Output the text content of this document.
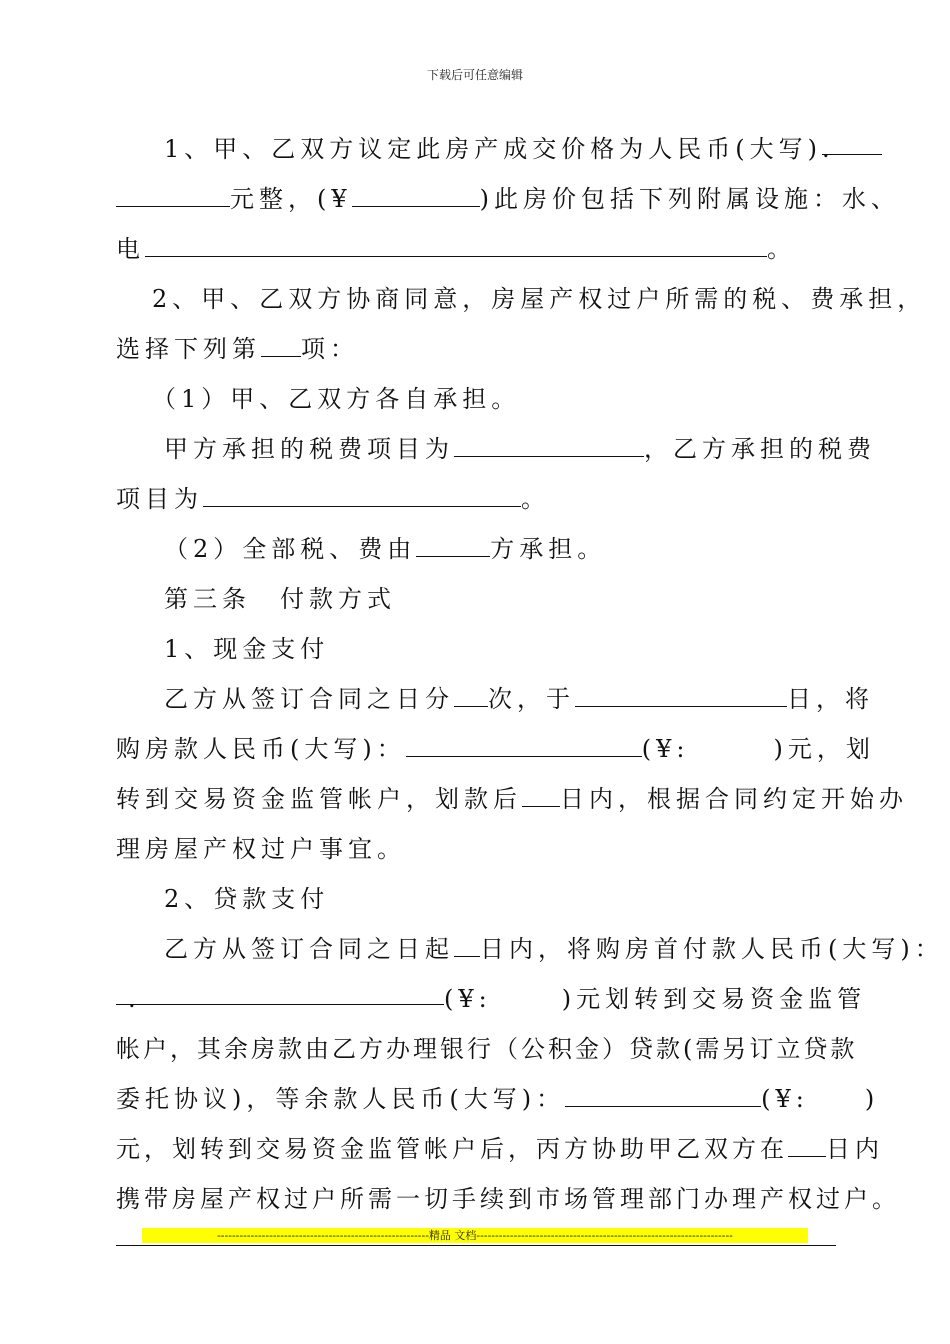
下载后可任意编辑
1、甲、乙双方议定此房产成交价格为人民币(大写).
元整，(¥	)此房价包括下列附属设施：水、
电	。
2、甲、乙双方协商同意，房屋产权过户所需的税、费承担，
选择下列第 项：
（1）甲、乙双方各自承担。
甲方承担的税费项目为	，乙方承担的税费
项目为	。
（2）全部税、费由	方承担。
第三条　付款方式
1、现金支付
乙方从签订合同之日分 次，于	日，将
购房款人民币(大写)：	(¥:	)元，划
转到交易资金监管帐户，划款后 日内，根据合同约定开始办
理房屋产权过户事宜。
2、贷款支付
乙方从签订合同之日起 日内，将购房首付款人民币(大写)：
.	(¥:	)元划转到交易资金监管
帐户，其余房款由乙方办理银行（公积金）贷款(需另订立贷款
委托协议)，等余款人民币(大写)：	(¥: )
元，划转到交易资金监管帐户后，丙方协助甲乙双方在 日内
携带房屋产权过户所需一切手续到市场管理部门办理产权过户。
---------------------------------------------------------精品 文档---------------------------------------------------------------------
